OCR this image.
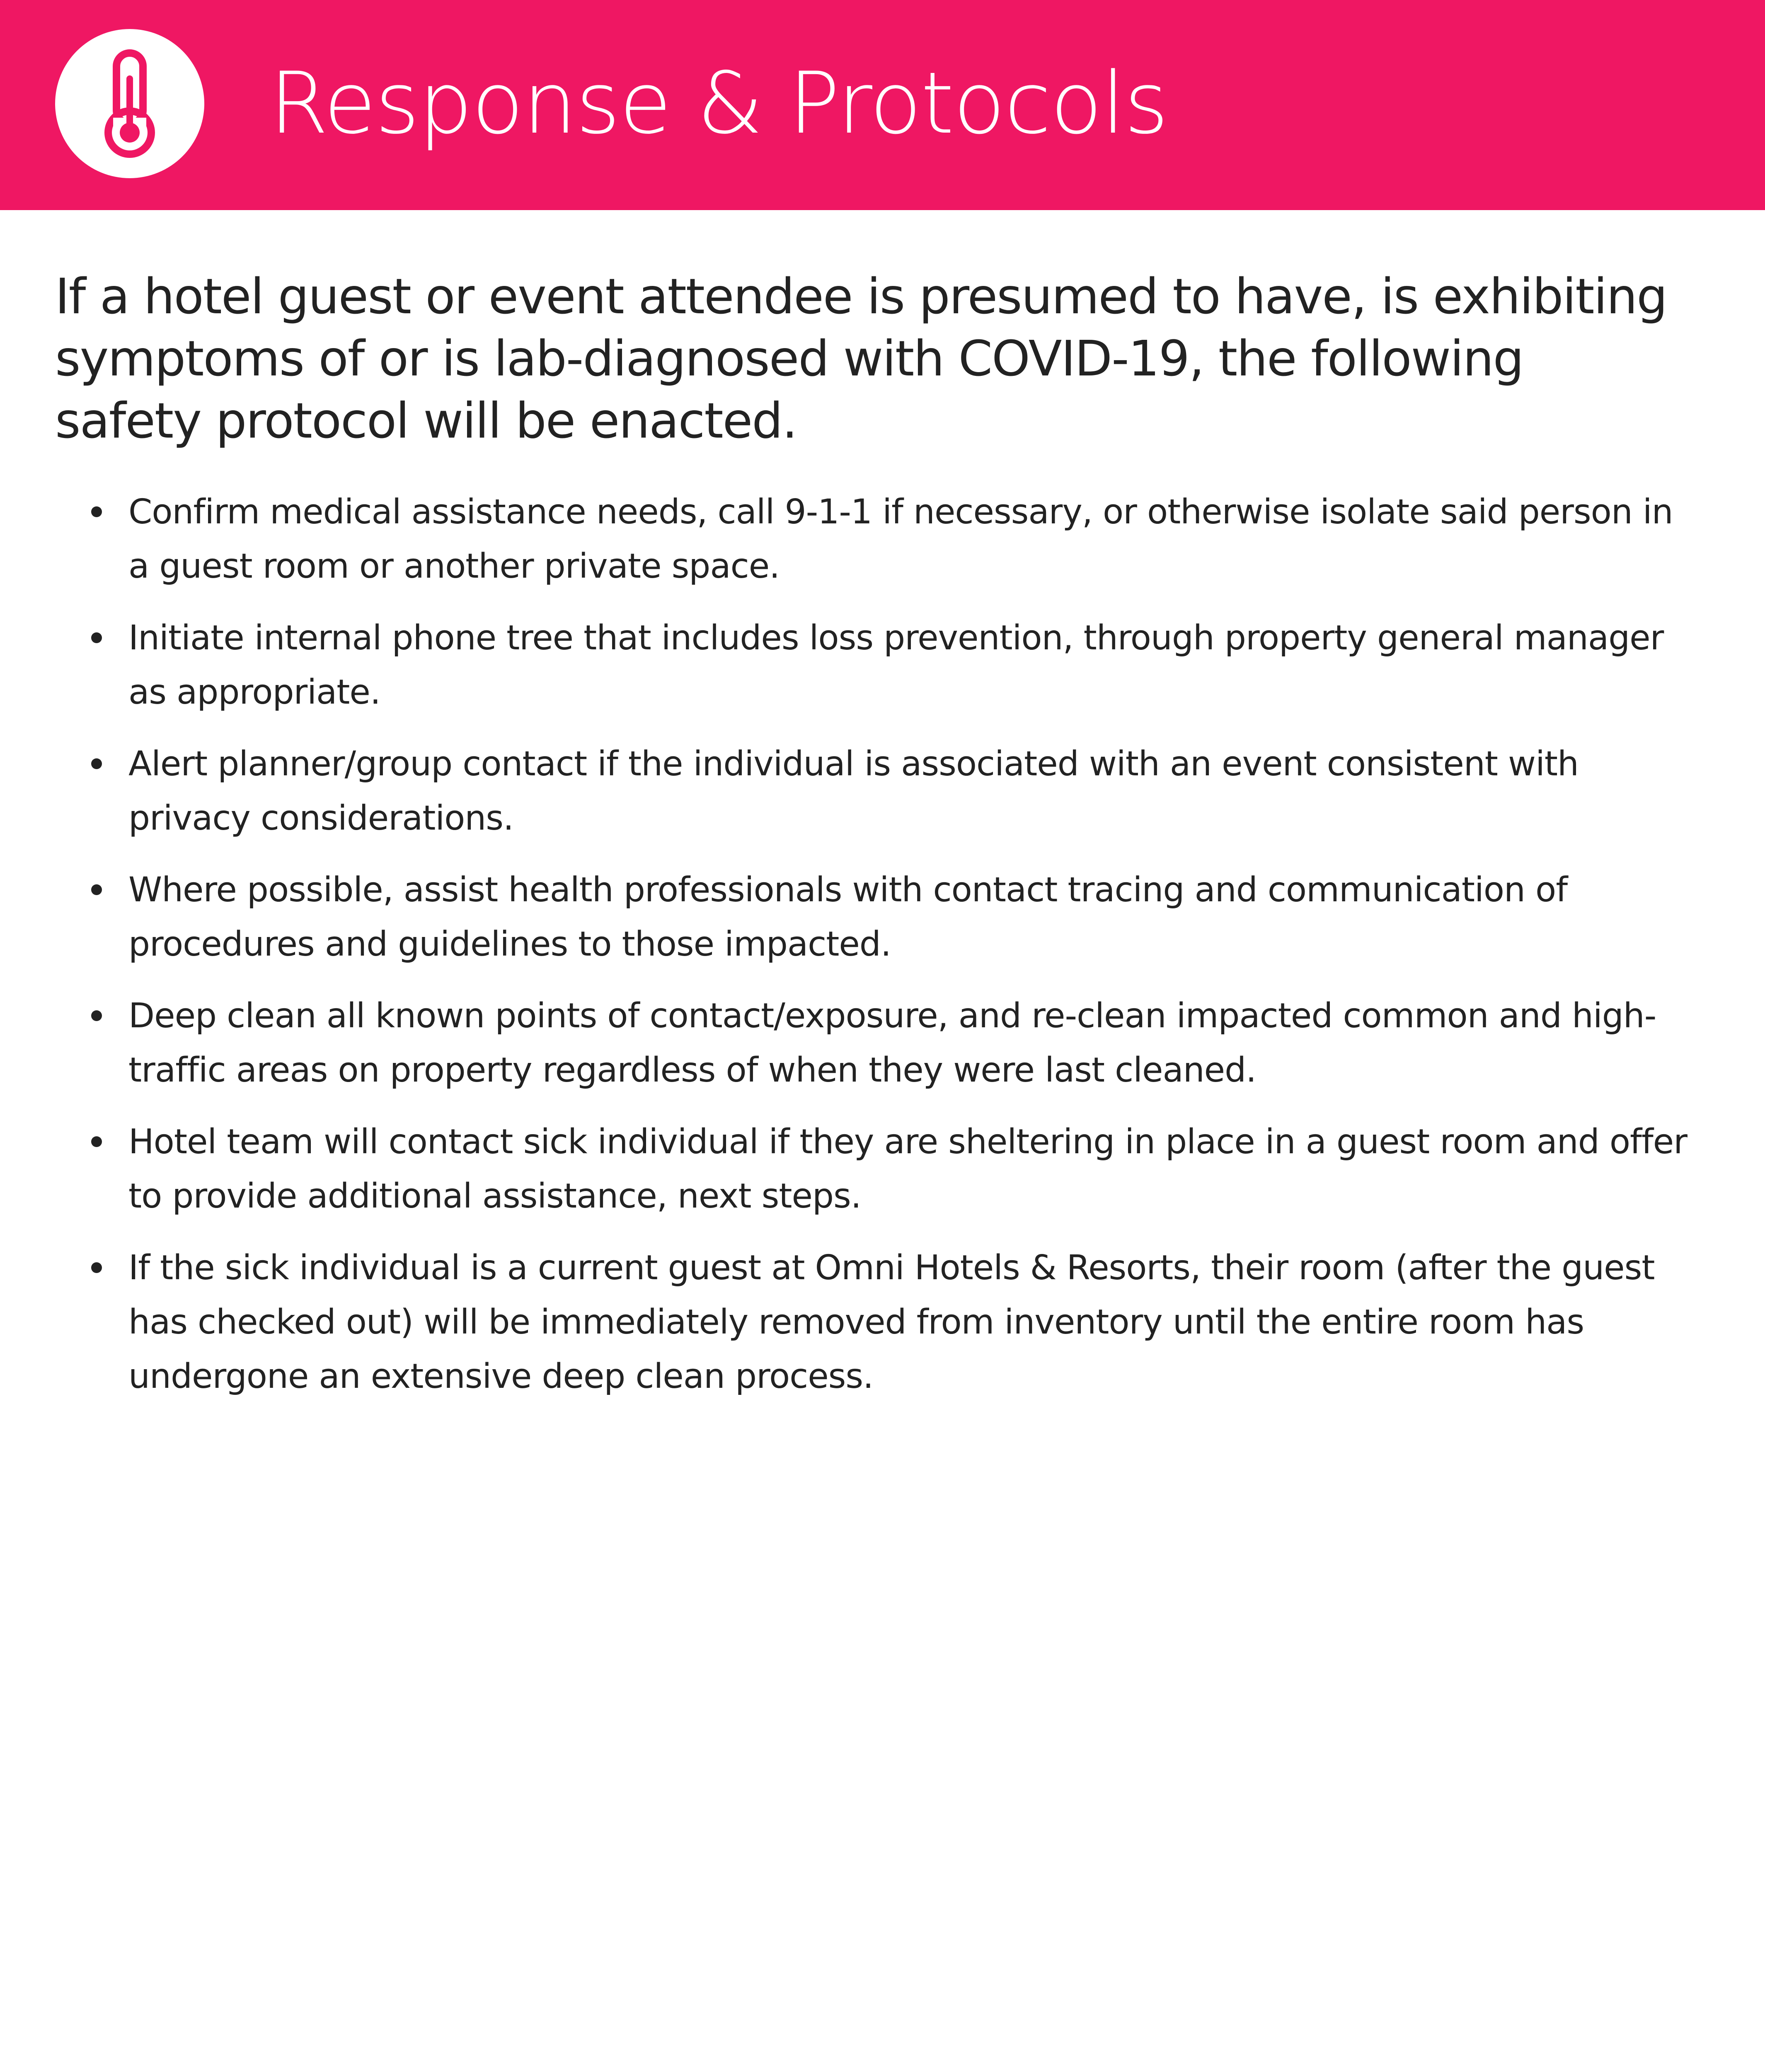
Response & Protocols
If a hotel guest or event attendee is presumed to have, is exhibiting symptoms of or is lab-diagnosed with COVID-19, the following safety protocol will be enacted.
Confirm medical assistance needs, call 9-1-1 if necessary, or otherwise isolate said person in a guest room or another private space.
Initiate internal phone tree that includes loss prevention, through property general manager as appropriate.
Alert planner/group contact if the individual is associated with an event consistent with privacy considerations.
Where possible, assist health professionals with contact tracing and communication of procedures and guidelines to those impacted.
Deep clean all known points of contact/exposure, and re-clean impacted common and high-traffic areas on property regardless of when they were last cleaned.
Hotel team will contact sick individual if they are sheltering in place in a guest room and offer to provide additional assistance, next steps.
If the sick individual is a current guest at Omni Hotels & Resorts, their room (after the guest has checked out) will be immediately removed from inventory until the entire room has undergone an extensive deep clean process.
